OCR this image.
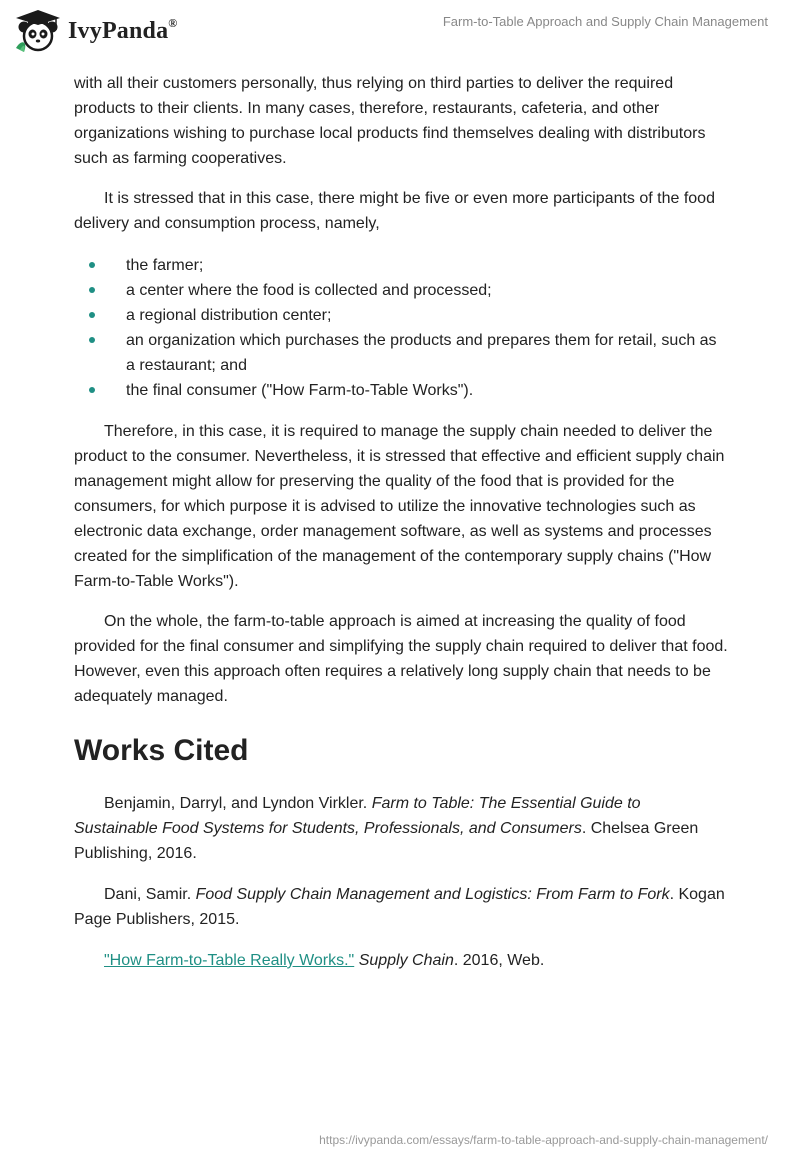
IvyPanda®	Farm-to-Table Approach and Supply Chain Management

with all their customers personally, thus relying on third parties to deliver the required products to their clients. In many cases, therefore, restaurants, cafeteria, and other organizations wishing to purchase local products find themselves dealing with distributors such as farming cooperatives.

It is stressed that in this case, there might be five or even more participants of the food delivery and consumption process, namely,

the farmer;
a center where the food is collected and processed;
a regional distribution center;
an organization which purchases the products and prepares them for retail, such as a restaurant; and
the final consumer ("How Farm-to-Table Works").

Therefore, in this case, it is required to manage the supply chain needed to deliver the product to the consumer. Nevertheless, it is stressed that effective and efficient supply chain management might allow for preserving the quality of the food that is provided for the consumers, for which purpose it is advised to utilize the innovative technologies such as electronic data exchange, order management software, as well as systems and processes created for the simplification of the management of the contemporary supply chains ("How Farm-to-Table Works").

On the whole, the farm-to-table approach is aimed at increasing the quality of food provided for the final consumer and simplifying the supply chain required to deliver that food. However, even this approach often requires a relatively long supply chain that needs to be adequately managed.

Works Cited

Benjamin, Darryl, and Lyndon Virkler. Farm to Table: The Essential Guide to Sustainable Food Systems for Students, Professionals, and Consumers. Chelsea Green Publishing, 2016.

Dani, Samir. Food Supply Chain Management and Logistics: From Farm to Fork. Kogan Page Publishers, 2015.

"How Farm-to-Table Really Works." Supply Chain. 2016, Web.

https://ivypanda.com/essays/farm-to-table-approach-and-supply-chain-management/
